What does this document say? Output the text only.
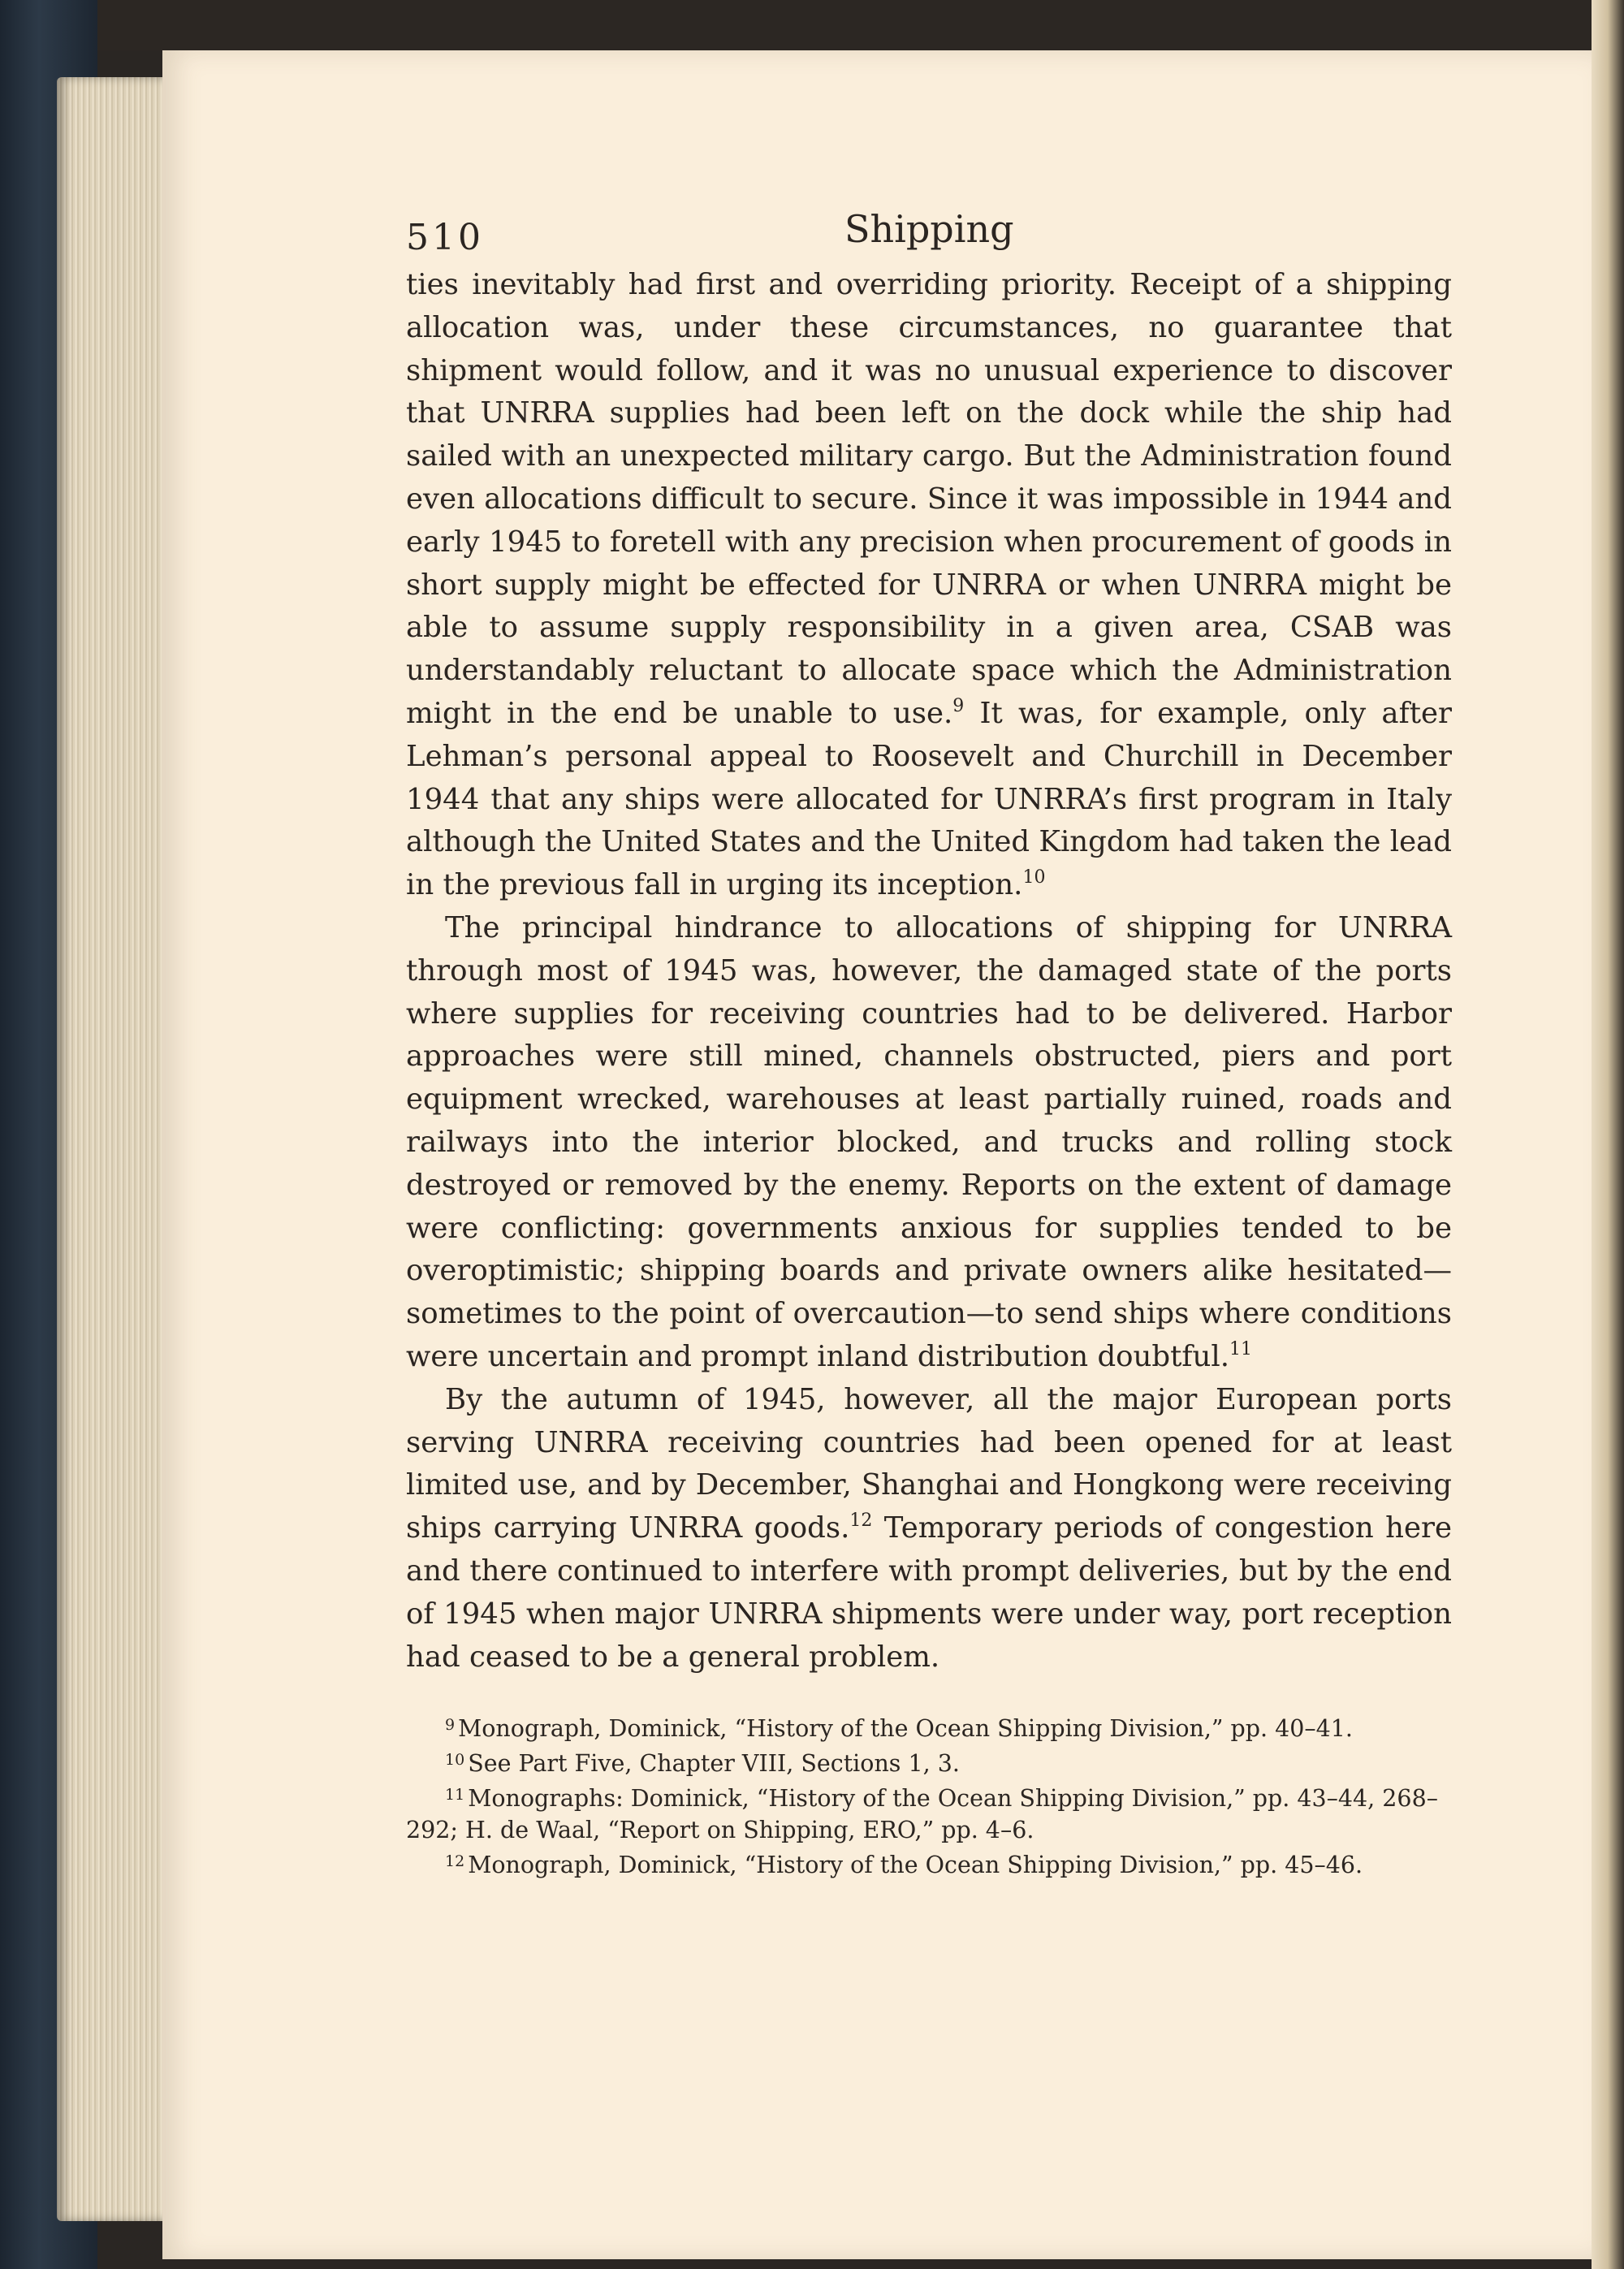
510	Shipping

ties inevitably had first and overriding priority. Receipt of a shipping allocation was, under these circumstances, no guarantee that shipment would follow, and it was no unusual experience to discover that UNRRA supplies had been left on the dock while the ship had sailed with an unexpected military cargo. But the Administration found even allocations difficult to secure. Since it was impossible in 1944 and early 1945 to foretell with any precision when procurement of goods in short supply might be effected for UNRRA or when UNRRA might be able to assume supply responsibility in a given area, CSAB was understandably reluctant to allocate space which the Administration might in the end be unable to use.$^9$ It was, for example, only after Lehman’s personal appeal to Roosevelt and Churchill in December 1944 that any ships were allocated for UNRRA’s first program in Italy although the United States and the United Kingdom had taken the lead in the previous fall in urging its inception.$^{10}$

The principal hindrance to allocations of shipping for UNRRA through most of 1945 was, however, the damaged state of the ports where supplies for receiving countries had to be delivered. Harbor approaches were still mined, channels obstructed, piers and port equipment wrecked, warehouses at least partially ruined, roads and railways into the interior blocked, and trucks and rolling stock destroyed or removed by the enemy. Reports on the extent of damage were conflicting: governments anxious for supplies tended to be overoptimistic; shipping boards and private owners alike hesitated—sometimes to the point of overcaution—to send ships where conditions were uncertain and prompt inland distribution doubtful.$^{11}$

By the autumn of 1945, however, all the major European ports serving UNRRA receiving countries had been opened for at least limited use, and by December, Shanghai and Hongkong were receiving ships carrying UNRRA goods.$^{12}$ Temporary periods of congestion here and there continued to interfere with prompt deliveries, but by the end of 1945 when major UNRRA shipments were under way, port reception had ceased to be a general problem.

$^9$ Monograph, Dominick, “History of the Ocean Shipping Division,” pp. 40–41.

$^{10}$ See Part Five, Chapter VIII, Sections 1, 3.

$^{11}$ Monographs: Dominick, “History of the Ocean Shipping Division,” pp. 43–44, 268–292; H. de Waal, “Report on Shipping, ERO,” pp. 4–6.

$^{12}$ Monograph, Dominick, “History of the Ocean Shipping Division,” pp. 45–46.
